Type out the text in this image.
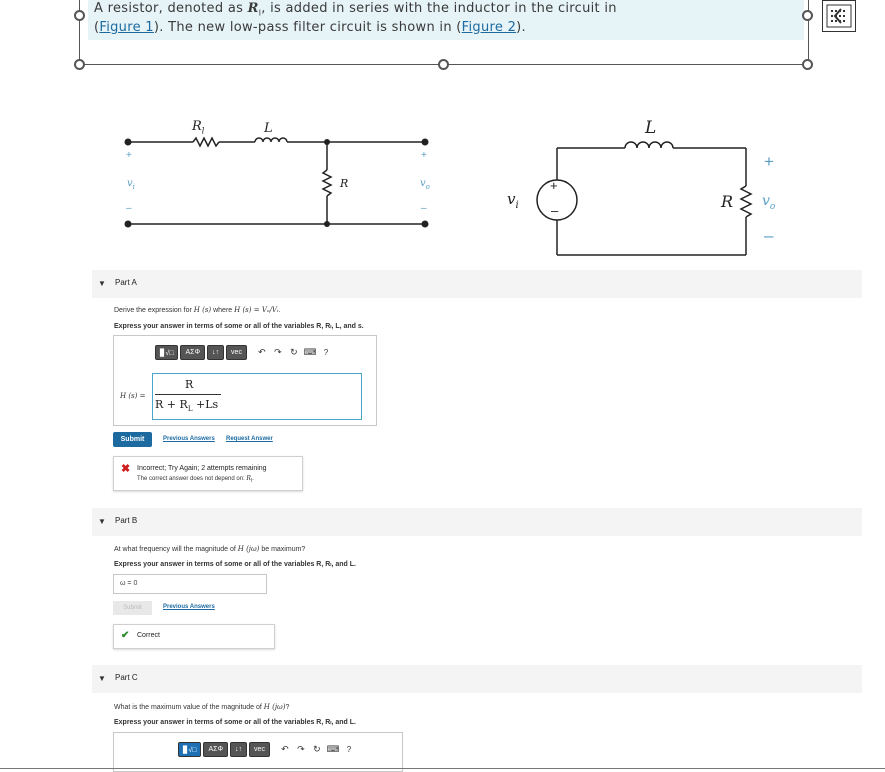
A resistor, denoted as $R_l$, is added in series with the inductor in the circuit in
(Figure 1). The new low-pass filter circuit is shown in (Figure 2).
$R_l$	L
R
+
$v_i$
–
+
$v_o$
–
+
–
$v_i$
L
R
+
$v_o$
–
▼ Part A
Derive the expression for H (s) where H (s) = Vₒ/Vᵢ.
Express your answer in terms of some or all of the variables R, Rₗ, L, and s.
▊√□	AΣΦ	↓↑	vec	↶ ↷ ↻ ⌨ ?
H (s) =
R
$R + R_L +Ls$
Submit	Previous Answers Request Answer
✖ Incorrect; Try Again; 2 attempts remaining
The correct answer does not depend on: $R_l$.
▼ Part B
At what frequency will the magnitude of H (jω) be maximum?
Express your answer in terms of some or all of the variables R, Rₗ, and L.
ω = 0
Submit	Previous Answers
✔ Correct
▼ Part C
What is the maximum value of the magnitude of H (jω)?
Express your answer in terms of some or all of the variables R, Rₗ, and L.
▊√□	AΣΦ	↓↑	vec	↶ ↷ ↻ ⌨ ?
